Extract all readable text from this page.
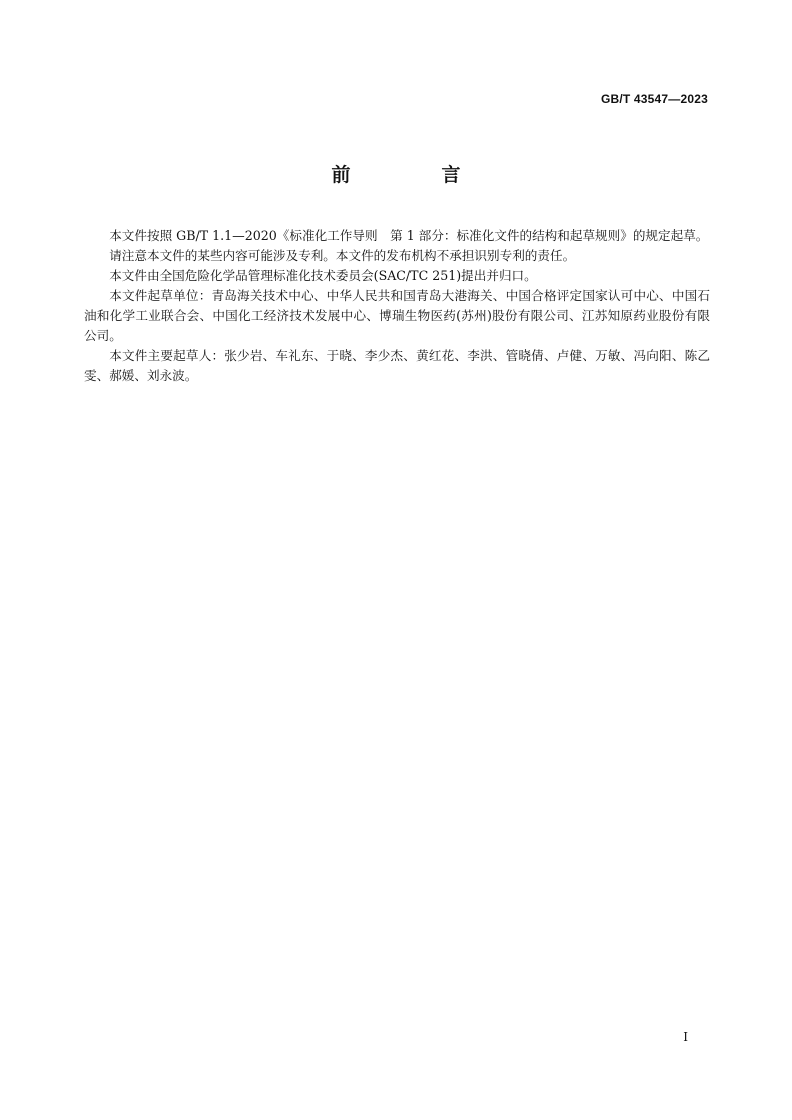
GB/T 43547—2023
前　言

本文件按照 GB/T 1.1—2020《标准化工作导则　第 1 部分：标准化文件的结构和起草规则》的规定起草。

请注意本文件的某些内容可能涉及专利。本文件的发布机构不承担识别专利的责任。

本文件由全国危险化学品管理标准化技术委员会(SAC/TC 251)提出并归口。

本文件起草单位：青岛海关技术中心、中华人民共和国青岛大港海关、中国合格评定国家认可中心、中国石油和化学工业联合会、中国化工经济技术发展中心、博瑞生物医药(苏州)股份有限公司、江苏知原药业股份有限公司。

本文件主要起草人：张少岩、车礼东、于晓、李少杰、黄红花、李洪、管晓倩、卢健、万敏、冯向阳、陈乙雯、郝媛、刘永波。

I
